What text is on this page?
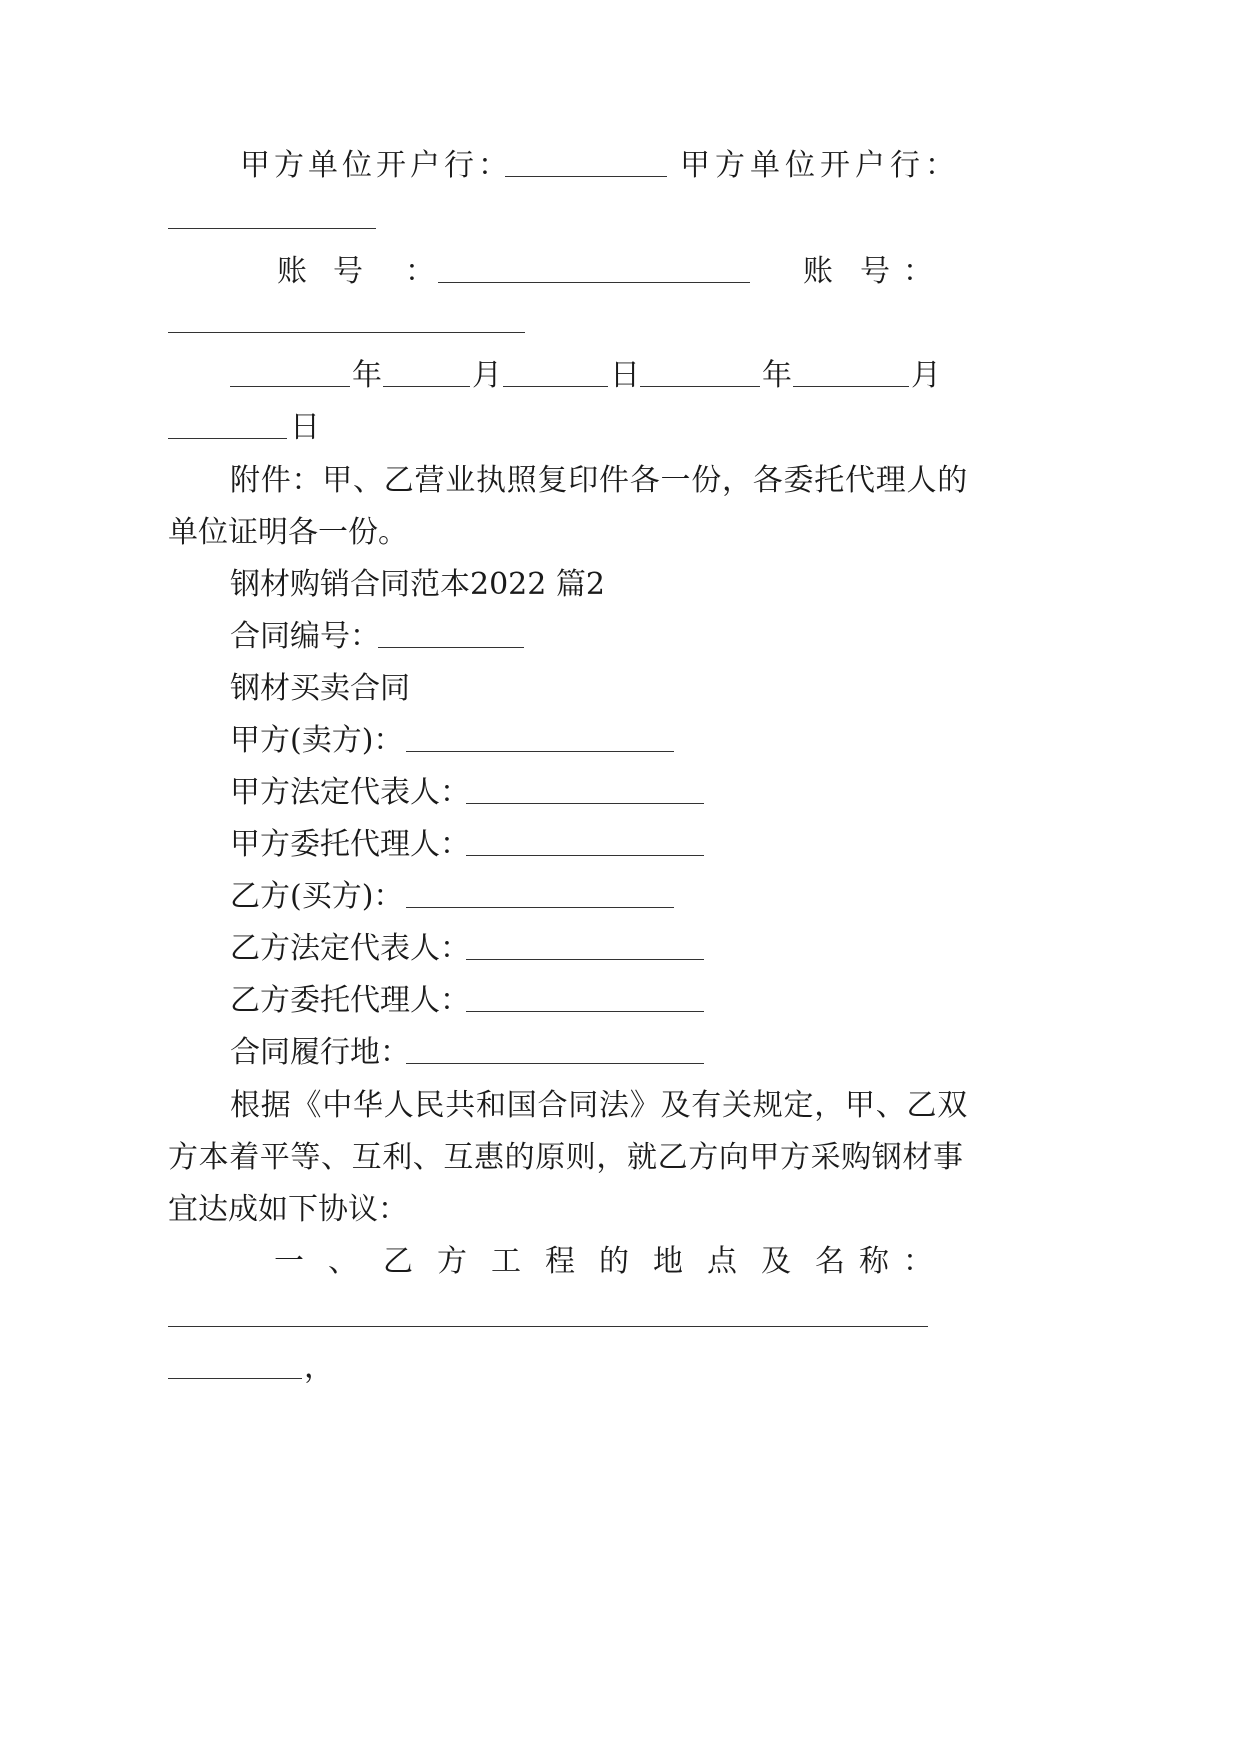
甲方单位开户行：	甲方单位开户行：
账 号 ：	账 号 ：
年	月	日	年	月
日
附件：甲、乙营业执照复印件各一份，各委托代理人的
单位证明各一份。
钢材购销合同范本2022 篇2
合同编号：
钢材买卖合同
甲方(卖方)：
甲方法定代表人：
甲方委托代理人：
乙方(买方)：
乙方法定代表人：
乙方委托代理人：
合同履行地：
根据《中华人民共和国合同法》及有关规定，甲、乙双
方本着平等、互利、互惠的原则，就乙方向甲方采购钢材事
宜达成如下协议：
一 、 乙 方 工 程 的 地 点 及 名 称 ：
，
